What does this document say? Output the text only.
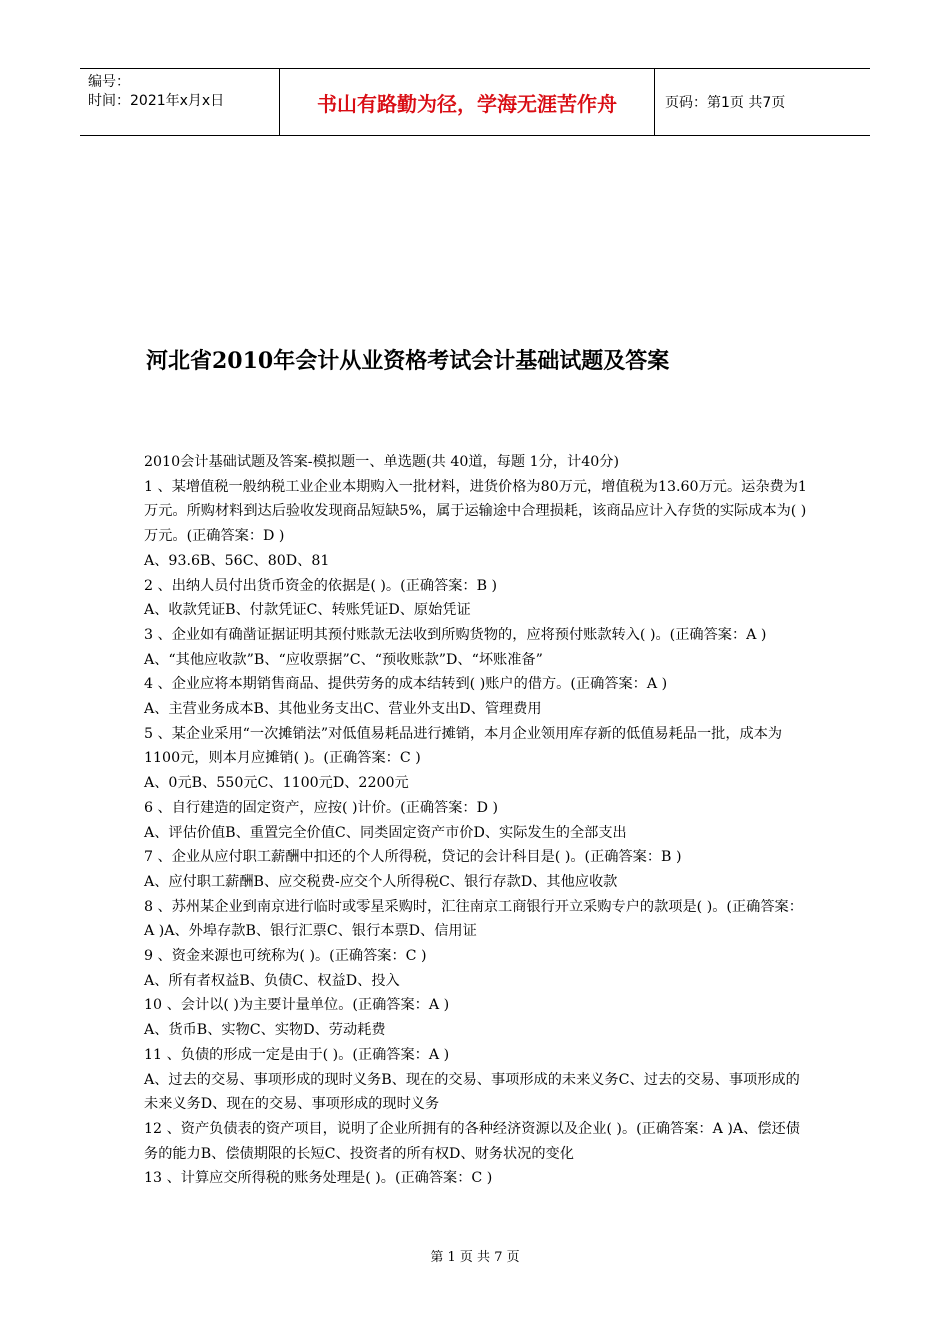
编号：
时间：2021年x月x日	书山有路勤为径，学海无涯苦作舟	页码：第1页 共7页
河北省2010年会计从业资格考试会计基础试题及答案

2010会计基础试题及答案-模拟题一、单选题(共 40道，每题 1分，计40分)

1 、某增值税一般纳税工业企业本期购入一批材料，进货价格为80万元，增值税为13.60万元。运杂费为1万元。所购材料到达后验收发现商品短缺5%，属于运输途中合理损耗，该商品应计入存货的实际成本为( )万元。(正确答案：D )

A、93.6B、56C、80D、81

2 、出纳人员付出货币资金的依据是( )。(正确答案：B )

A、收款凭证B、付款凭证C、转账凭证D、原始凭证

3 、企业如有确凿证据证明其预付账款无法收到所购货物的，应将预付账款转入( )。(正确答案：A )

A、“其他应收款”B、“应收票据”C、“预收账款”D、“坏账准备”

4 、企业应将本期销售商品、提供劳务的成本结转到( )账户的借方。(正确答案：A )

A、主营业务成本B、其他业务支出C、营业外支出D、管理费用

5 、某企业采用“一次摊销法”对低值易耗品进行摊销，本月企业领用库存新的低值易耗品一批，成本为1100元，则本月应摊销( )。(正确答案：C )

A、0元B、550元C、1100元D、2200元

6 、自行建造的固定资产，应按( )计价。(正确答案：D )

A、评估价值B、重置完全价值C、同类固定资产市价D、实际发生的全部支出

7 、企业从应付职工薪酬中扣还的个人所得税，贷记的会计科目是( )。(正确答案：B )

A、应付职工薪酬B、应交税费-应交个人所得税C、银行存款D、其他应收款

8 、苏州某企业到南京进行临时或零星采购时，汇往南京工商银行开立采购专户的款项是( )。(正确答案：A )A、外埠存款B、银行汇票C、银行本票D、信用证

9 、资金来源也可统称为( )。(正确答案：C )

A、所有者权益B、负债C、权益D、投入

10 、会计以( )为主要计量单位。(正确答案：A )

A、货币B、实物C、实物D、劳动耗费

11 、负债的形成一定是由于( )。(正确答案：A )

A、过去的交易、事项形成的现时义务B、现在的交易、事项形成的未来义务C、过去的交易、事项形成的未来义务D、现在的交易、事项形成的现时义务

12 、资产负债表的资产项目，说明了企业所拥有的各种经济资源以及企业( )。(正确答案：A )A、偿还债务的能力B、偿债期限的长短C、投资者的所有权D、财务状况的变化

13 、计算应交所得税的账务处理是( )。(正确答案：C )

第 1 页 共 7 页
